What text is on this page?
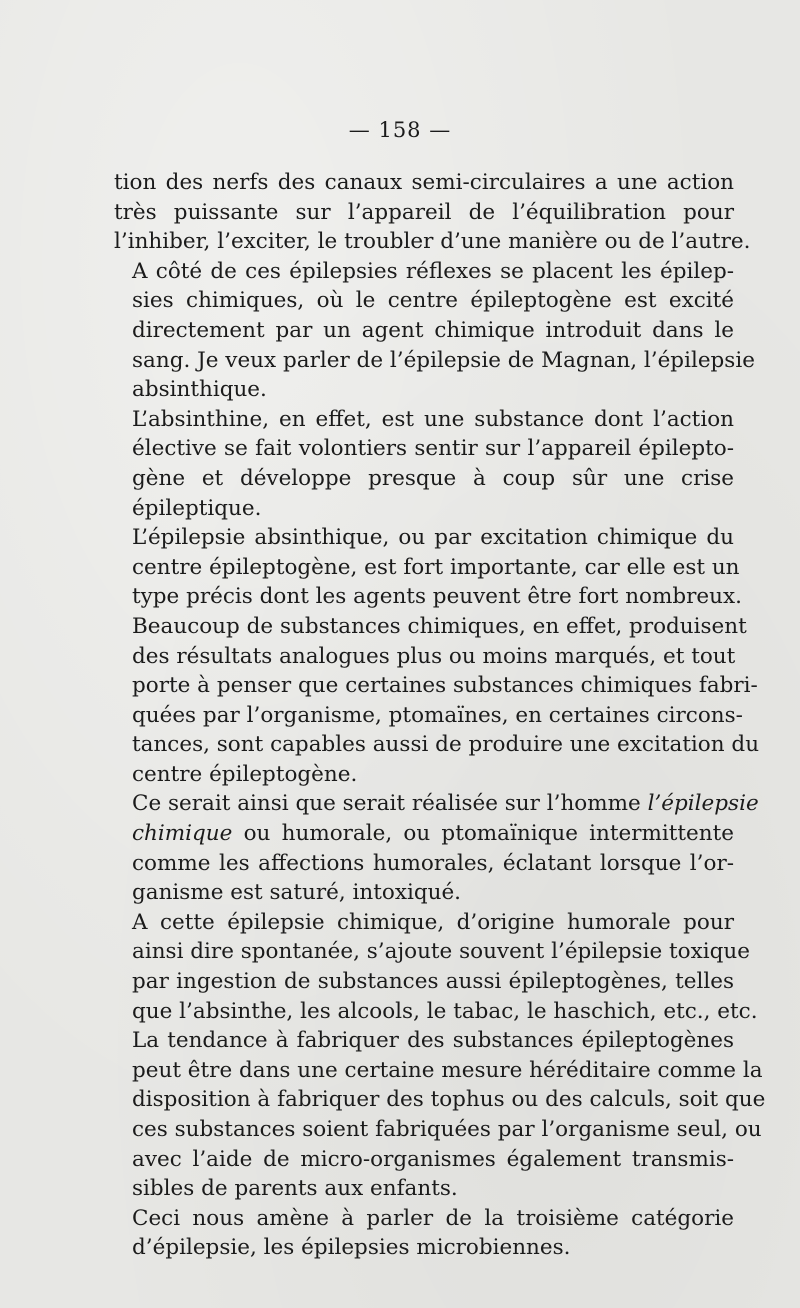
— 158 —

tion des nerfs des canaux semi-circulaires a une action
très puissante sur l’appareil de l’équilibration pour
l’inhiber, l’exciter, le troubler d’une manière ou de l’autre.

A côté de ces épilepsies réflexes se placent les épilep-
sies chimiques, où le centre épileptogène est excité
directement par un agent chimique introduit dans le
sang. Je veux parler de l’épilepsie de Magnan, l’épilepsie
absinthique.

L’absinthine, en effet, est une substance dont l’action
élective se fait volontiers sentir sur l’appareil épilepto-
gène et développe presque à coup sûr une crise
épileptique.

L’épilepsie absinthique, ou par excitation chimique du
centre épileptogène, est fort importante, car elle est un
type précis dont les agents peuvent être fort nombreux.

Beaucoup de substances chimiques, en effet, produisent
des résultats analogues plus ou moins marqués, et tout
porte à penser que certaines substances chimiques fabri-
quées par l’organisme, ptomaïnes, en certaines circons-
tances, sont capables aussi de produire une excitation du
centre épileptogène.

Ce serait ainsi que serait réalisée sur l’homme l’épilepsie
chimique ou humorale, ou ptomaïnique intermittente
comme les affections humorales, éclatant lorsque l’or-
ganisme est saturé, intoxiqué.

A cette épilepsie chimique, d’origine humorale pour
ainsi dire spontanée, s’ajoute souvent l’épilepsie toxique
par ingestion de substances aussi épileptogènes, telles
que l’absinthe, les alcools, le tabac, le haschich, etc., etc.

La tendance à fabriquer des substances épileptogènes
peut être dans une certaine mesure héréditaire comme la
disposition à fabriquer des tophus ou des calculs, soit que
ces substances soient fabriquées par l’organisme seul, ou
avec l’aide de micro-organismes également transmis-
sibles de parents aux enfants.

Ceci nous amène à parler de la troisième catégorie
d’épilepsie, les épilepsies microbiennes.
